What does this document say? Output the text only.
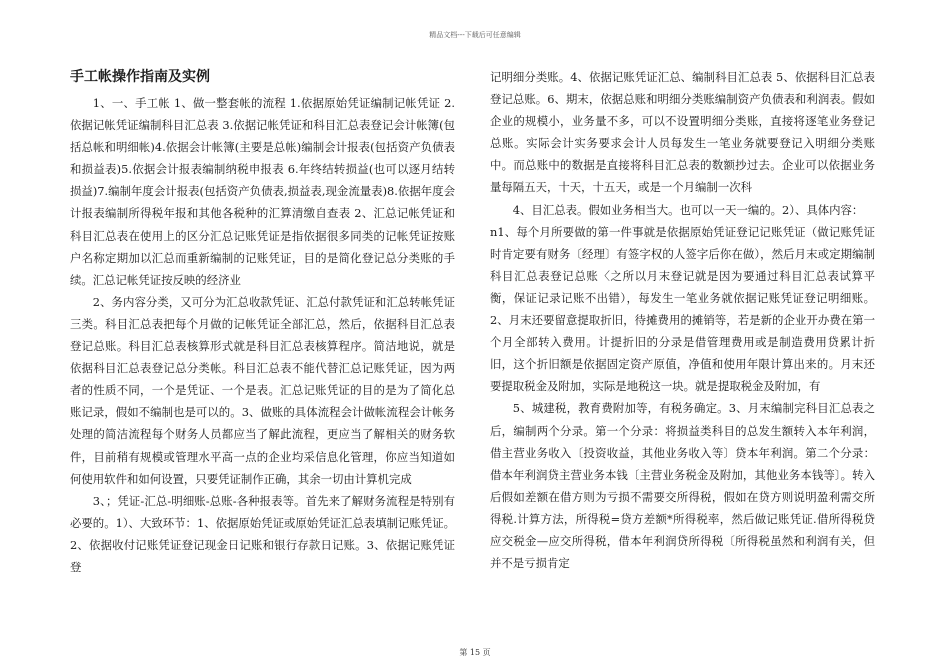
精品文档---下载后可任意编辑
手工帐操作指南及实例

1、一、手工帐 1、做一整套帐的流程 1.依据原始凭证编制记帐凭证 2.依据记帐凭证编制科目汇总表 3.依据记帐凭证和科目汇总表登记会计帐簿(包括总帐和明细帐)4.依据会计帐簿(主要是总帐)编制会计报表(包括资产负债表和损益表)5.依据会计报表编制纳税申报表 6.年终结转损益(也可以逐月结转损益)7.编制年度会计报表(包括资产负债表,损益表,现金流量表)8.依据年度会计报表编制所得税年报和其他各税种的汇算清缴自查表 2、汇总记帐凭证和科目汇总表在使用上的区分汇总记账凭证是指依据很多同类的记帐凭证按账户名称定期加以汇总而重新编制的记账凭证，目的是简化登记总分类账的手续。汇总记帐凭证按反映的经济业

2、务内容分类，又可分为汇总收款凭证、汇总付款凭证和汇总转帐凭证三类。科目汇总表把每个月做的记帐凭证全部汇总，然后，依据科目汇总表登记总账。科目汇总表核算形式就是科目汇总表核算程序。简洁地说，就是依据科目汇总表登记总分类帐。科目汇总表不能代替汇总记账凭证，因为两者的性质不同，一个是凭证、一个是表。汇总记账凭证的目的是为了简化总账记录，假如不编制也是可以的。3、做账的具体流程会计做帐流程会计帐务处理的简洁流程每个财务人员都应当了解此流程，更应当了解相关的财务软件，目前稍有规模或管理水平高一点的企业均采信息化管理，你应当知道如何使用软件和如何设置，只要凭证制作正确，其余一切由计算机完成

3、；凭证-汇总-明细账-总账-各种报表等。首先来了解财务流程是特别有必要的。1）、大致环节：1、依据原始凭证或原始凭证汇总表填制记账凭证。2、依据收付记账凭证登记现金日记账和银行存款日记账。3、依据记账凭证登

记明细分类账。4、依据记账凭证汇总、编制科目汇总表 5、依据科目汇总表登记总账。6、期末，依据总账和明细分类账编制资产负债表和利润表。假如企业的规模小，业务量不多，可以不设置明细分类账，直接将逐笔业务登记总账。实际会计实务要求会计人员每发生一笔业务就要登记入明细分类账中。而总账中的数据是直接将科目汇总表的数额抄过去。企业可以依据业务量每隔五天，十天，十五天，或是一个月编制一次科

4、目汇总表。假如业务相当大。也可以一天一编的。2）、具体内容：

n1、每个月所要做的第一件事就是依据原始凭证登记记账凭证（做记账凭证时肯定要有财务〔经理〕有签字权的人签字后你在做），然后月末或定期编制科目汇总表登记总账〈之所以月末登记就是因为要通过科目汇总表试算平衡，保证记录记账不出错），每发生一笔业务就依据记账凭证登记明细账。2、月末还要留意提取折旧，待摊费用的摊销等，若是新的企业开办费在第一个月全部转入费用。计提折旧的分录是借管理费用或是制造费用贷累计折旧，这个折旧额是依据固定资产原值，净值和使用年限计算出来的。月末还要提取税金及附加，实际是地税这一块。就是提取税金及附加，有

5、城建税，教育费附加等，有税务确定。3、月末编制完科目汇总表之后，编制两个分录。第一个分录：将损益类科目的总发生额转入本年利润，借主营业务收入〔投资收益，其他业务收入等〕贷本年利润。第二个分录：借本年利润贷主营业务本钱〔主营业务税金及附加，其他业务本钱等〕。转入后假如差额在借方则为亏损不需要交所得税，假如在贷方则说明盈利需交所得税.计算方法，所得税=贷方差额*所得税率，然后做记账凭证.借所得税贷应交税金—应交所得税，借本年利润贷所得税〔所得税虽然和利润有关，但并不是亏损肯定

第 15 页
